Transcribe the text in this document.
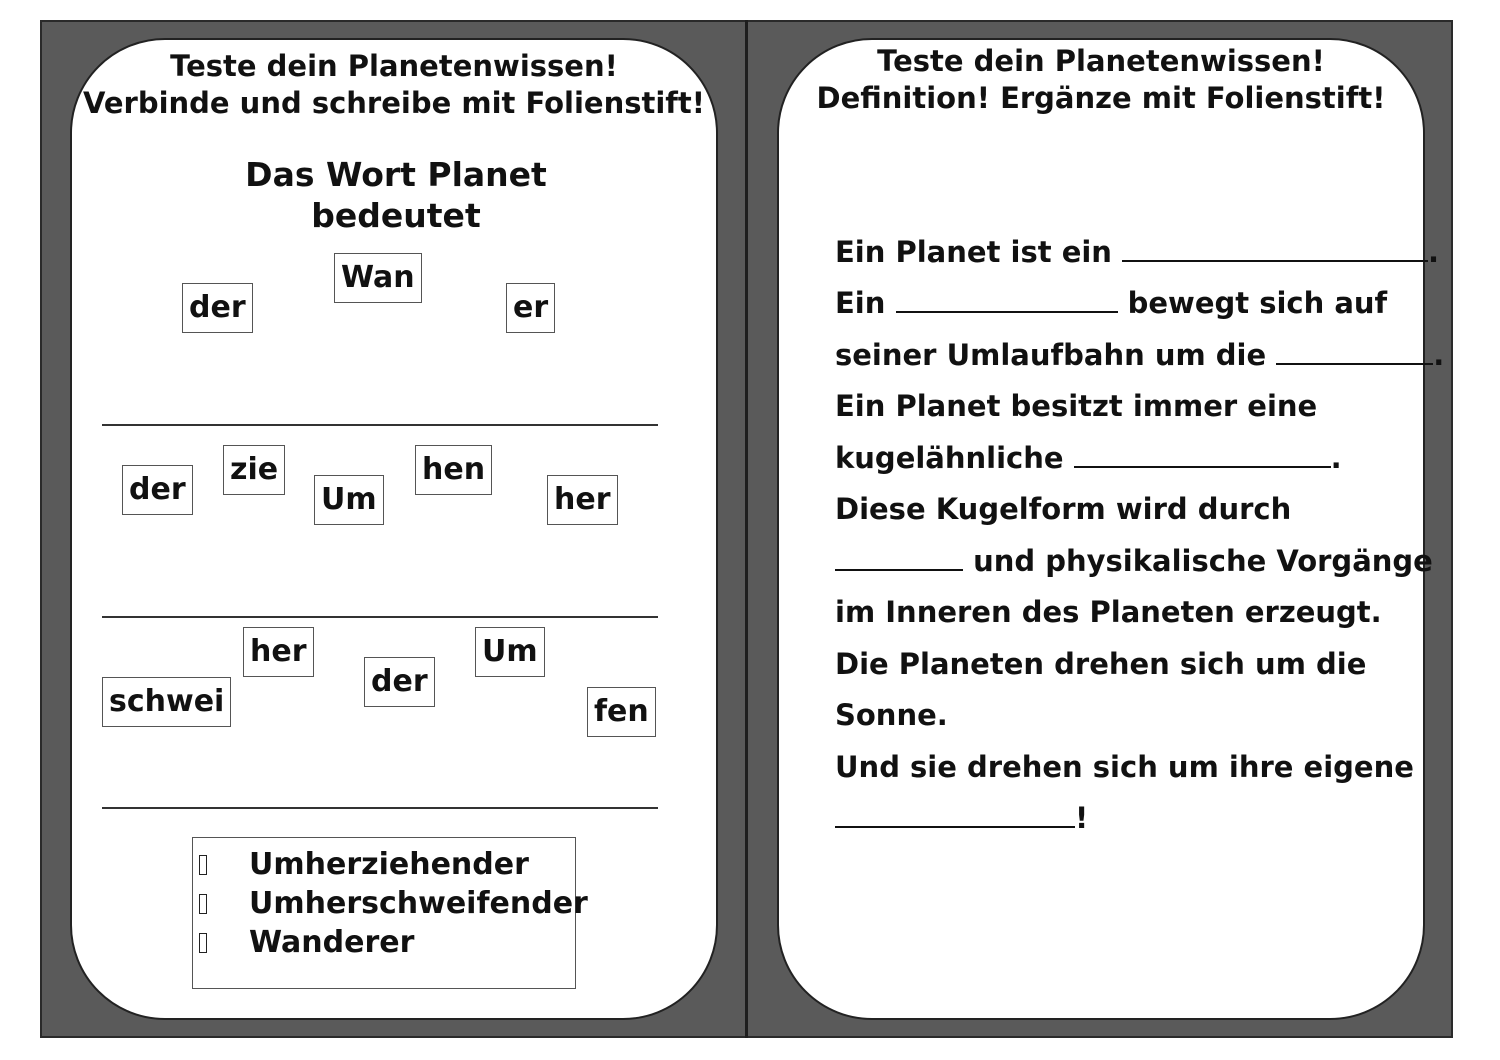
Teste dein Planetenwissen!
Verbinde und schreibe mit Folienstift!
Das Wort Planet
bedeutet
der
Wan
er
der
zie
Um
hen
her
schwei
her
der
Um
fen
Umherziehender
Umherschweifender
Wanderer
Teste dein Planetenwissen!
Definition! Ergänze mit Folienstift!
Ein Planet ist ein	.
Ein	bewegt sich auf
seiner Umlaufbahn um die	.
Ein Planet besitzt immer eine
kugelähnliche	.
Diese Kugelform wird durch
und physikalische Vorgänge
im Inneren des Planeten erzeugt.
Die Planeten drehen sich um die
Sonne.
Und sie drehen sich um ihre eigene
!
